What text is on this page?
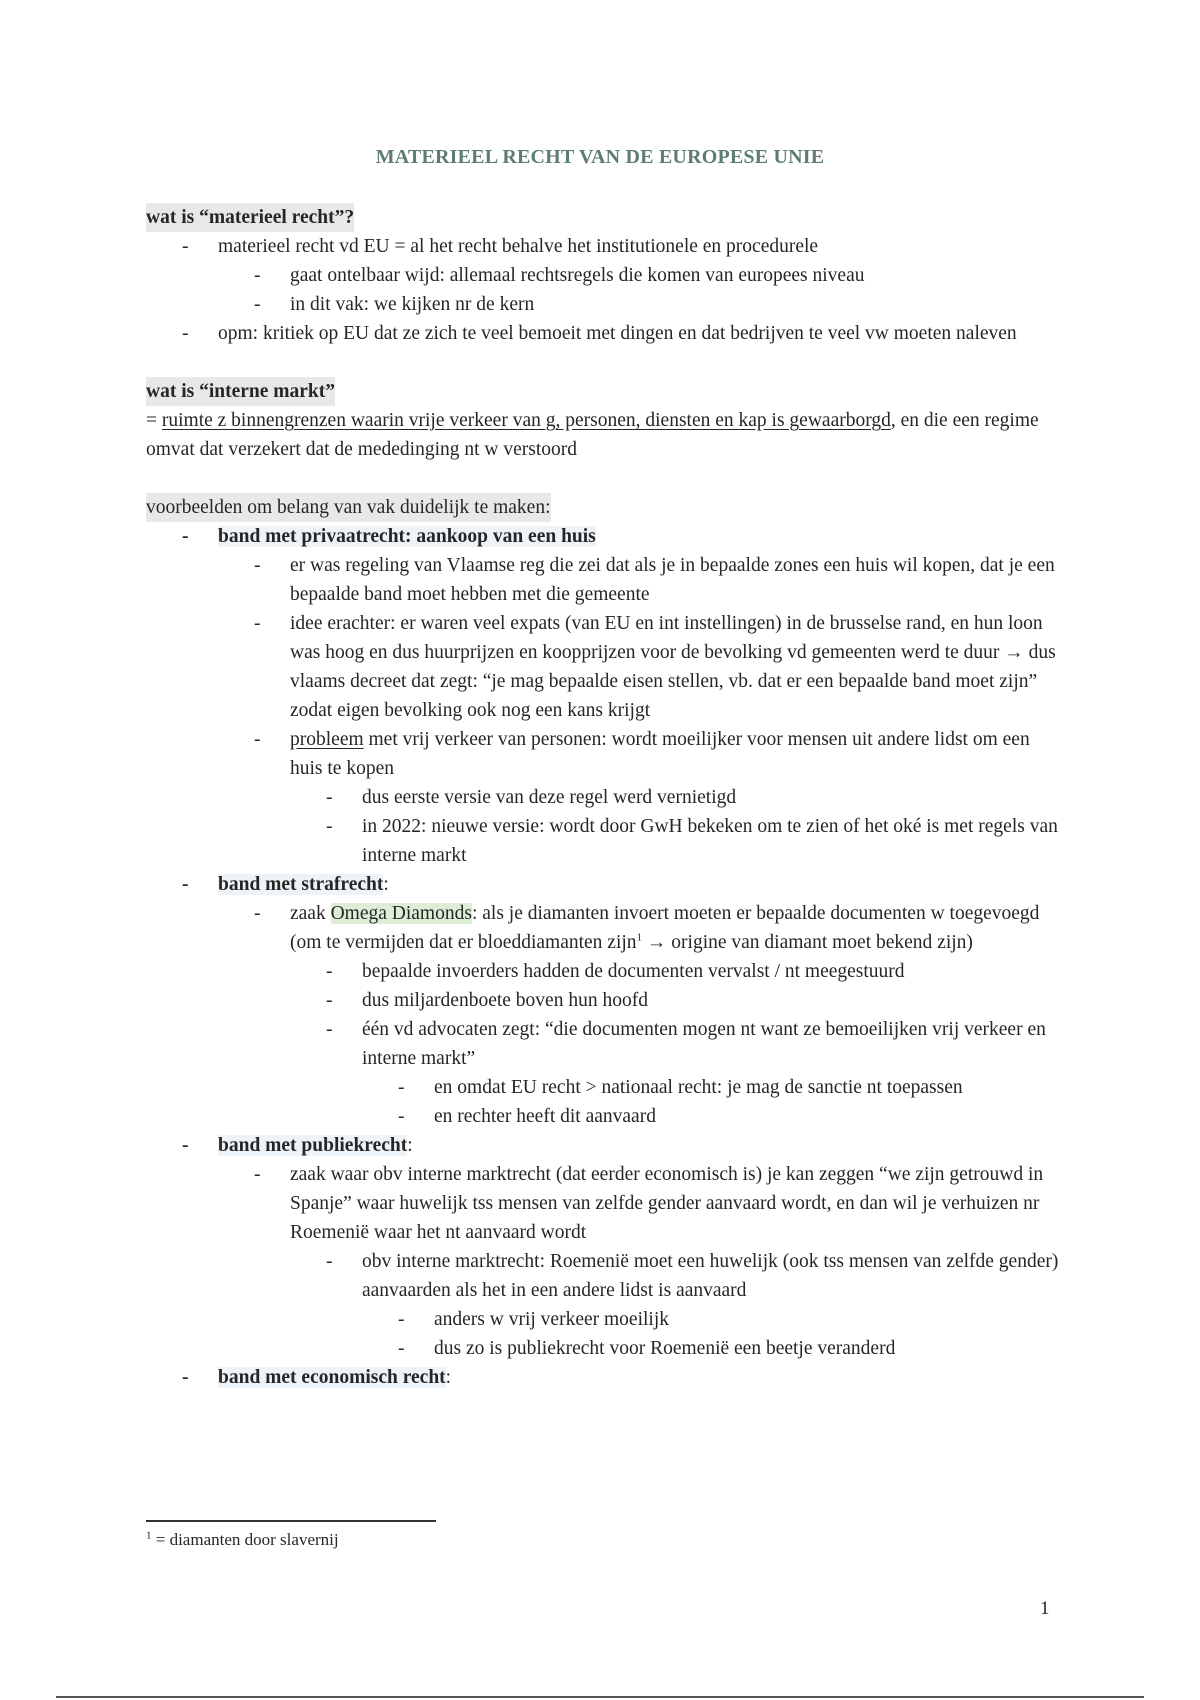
MATERIEEL RECHT VAN DE EUROPESE UNIE
wat is “materieel recht”?
- materieel recht vd EU = al het recht behalve het institutionele en procedurele
- gaat ontelbaar wijd: allemaal rechtsregels die komen van europees niveau
- in dit vak: we kijken nr de kern
- opm: kritiek op EU dat ze zich te veel bemoeit met dingen en dat bedrijven te veel vw moeten naleven
wat is “interne markt”
= ruimte z binnengrenzen waarin vrije verkeer van g, personen, diensten en kap is gewaarborgd, en die een regime omvat dat verzekert dat de mededinging nt w verstoord
voorbeelden om belang van vak duidelijk te maken:
- band met privaatrecht: aankoop van een huis
- er was regeling van Vlaamse reg die zei dat als je in bepaalde zones een huis wil kopen, dat je een bepaalde band moet hebben met die gemeente
- idee erachter: er waren veel expats (van EU en int instellingen) in de brusselse rand, en hun loon was hoog en dus huurprijzen en koopprijzen voor de bevolking vd gemeenten werd te duur → dus vlaams decreet dat zegt: “je mag bepaalde eisen stellen, vb. dat er een bepaalde band moet zijn” zodat eigen bevolking ook nog een kans krijgt
- probleem met vrij verkeer van personen: wordt moeilijker voor mensen uit andere lidst om een huis te kopen
- dus eerste versie van deze regel werd vernietigd
- in 2022: nieuwe versie: wordt door GwH bekeken om te zien of het oké is met regels van interne markt
- band met strafrecht:
- zaak Omega Diamonds: als je diamanten invoert moeten er bepaalde documenten w toegevoegd (om te vermijden dat er bloeddiamanten zijn$^1$ → origine van diamant moet bekend zijn)
- bepaalde invoerders hadden de documenten vervalst / nt meegestuurd
- dus miljardenboete boven hun hoofd
- één vd advocaten zegt: “die documenten mogen nt want ze bemoeilijken vrij verkeer en interne markt”
- en omdat EU recht > nationaal recht: je mag de sanctie nt toepassen
- en rechter heeft dit aanvaard
- band met publiekrecht:
- zaak waar obv interne marktrecht (dat eerder economisch is) je kan zeggen “we zijn getrouwd in Spanje” waar huwelijk tss mensen van zelfde gender aanvaard wordt, en dan wil je verhuizen nr Roemenië waar het nt aanvaard wordt
- obv interne marktrecht: Roemenië moet een huwelijk (ook tss mensen van zelfde gender) aanvaarden als het in een andere lidst is aanvaard
- anders w vrij verkeer moeilijk
- dus zo is publiekrecht voor Roemenië een beetje veranderd
- band met economisch recht:
$^1$ = diamanten door slavernij
1
